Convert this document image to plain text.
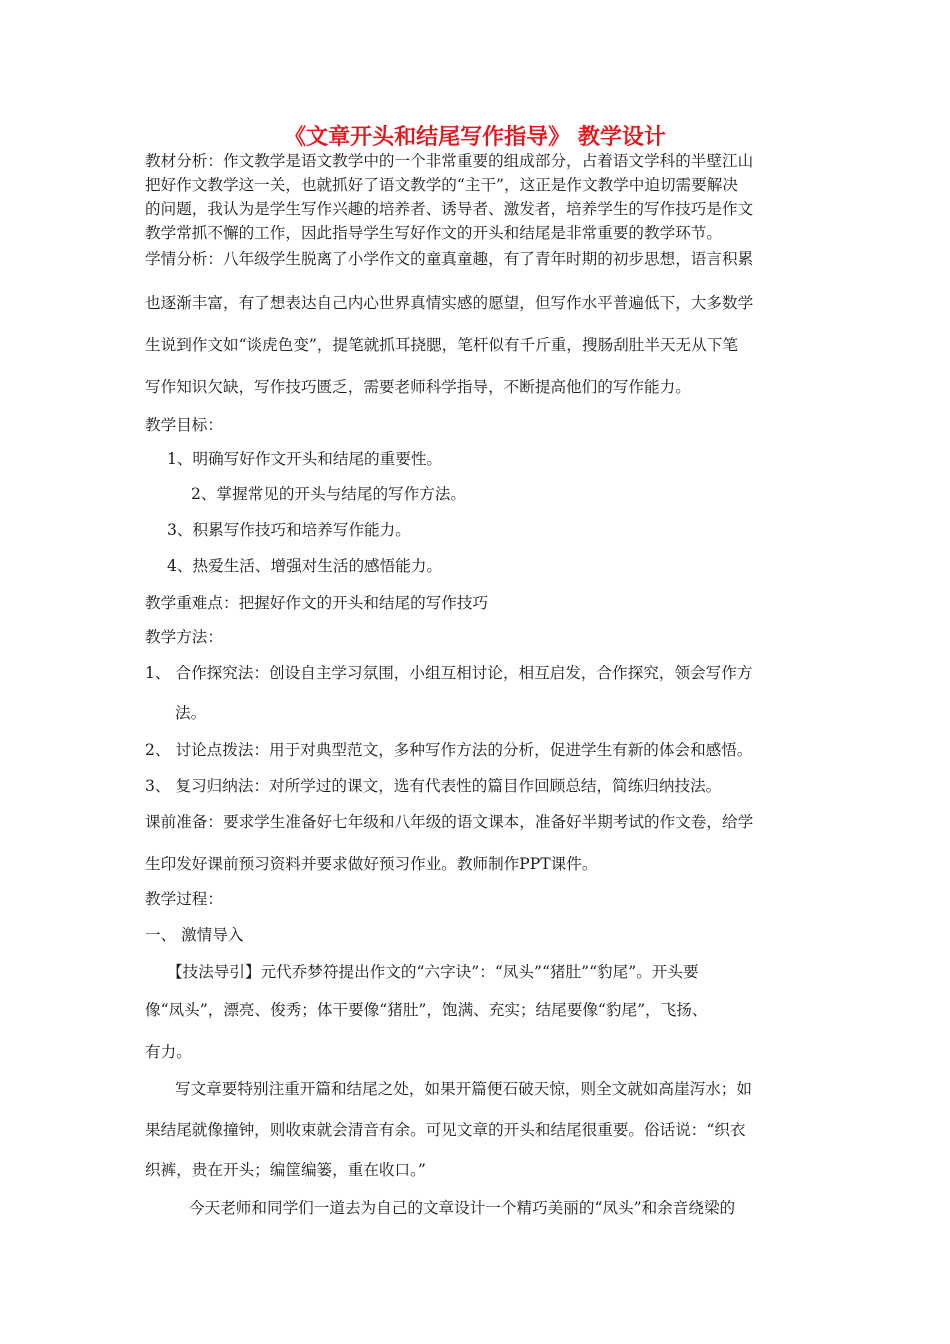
《文章开头和结尾写作指导》 教学设计
教材分析：作文教学是语文教学中的一个非常重要的组成部分，占着语文学科的半壁江山
把好作文教学这一关，也就抓好了语文教学的“主干”，这正是作文教学中迫切需要解决
的问题，我认为是学生写作兴趣的培养者、诱导者、激发者，培养学生的写作技巧是作文
教学常抓不懈的工作，因此指导学生写好作文的开头和结尾是非常重要的教学环节。
学情分析：八年级学生脱离了小学作文的童真童趣，有了青年时期的初步思想，语言积累
也逐渐丰富，有了想表达自己内心世界真情实感的愿望，但写作水平普遍低下，大多数学
生说到作文如“谈虎色变”，提笔就抓耳挠腮，笔杆似有千斤重，搜肠刮肚半天无从下笔
写作知识欠缺，写作技巧匮乏，需要老师科学指导，不断提高他们的写作能力。
教学目标：
1、明确写好作文开头和结尾的重要性。
2、掌握常见的开头与结尾的写作方法。
3、积累写作技巧和培养写作能力。
4、热爱生活、增强对生活的感悟能力。
教学重难点：把握好作文的开头和结尾的写作技巧
教学方法：
1、 合作探究法：创设自主学习氛围，小组互相讨论，相互启发，合作探究，领会写作方
法。
2、 讨论点拨法：用于对典型范文，多种写作方法的分析，促进学生有新的体会和感悟。
3、 复习归纳法：对所学过的课文，选有代表性的篇目作回顾总结，简练归纳技法。
课前准备：要求学生准备好七年级和八年级的语文课本，准备好半期考试的作文卷，给学
生印发好课前预习资料并要求做好预习作业。教师制作PPT课件。
教学过程：
一、 激情导入
【技法导引】元代乔梦符提出作文的“六字诀”：“凤头”“猪肚”“豹尾”。开头要
像“凤头”，漂亮、俊秀；体干要像“猪肚”，饱满、充实；结尾要像“豹尾”，飞扬、
有力。
写文章要特别注重开篇和结尾之处，如果开篇便石破天惊，则全文就如高崖泻水；如
果结尾就像撞钟，则收束就会清音有余。可见文章的开头和结尾很重要。俗话说：“织衣
织裤，贵在开头；编筐编篓，重在收口。”
今天老师和同学们一道去为自己的文章设计一个精巧美丽的“凤头”和余音绕梁的
